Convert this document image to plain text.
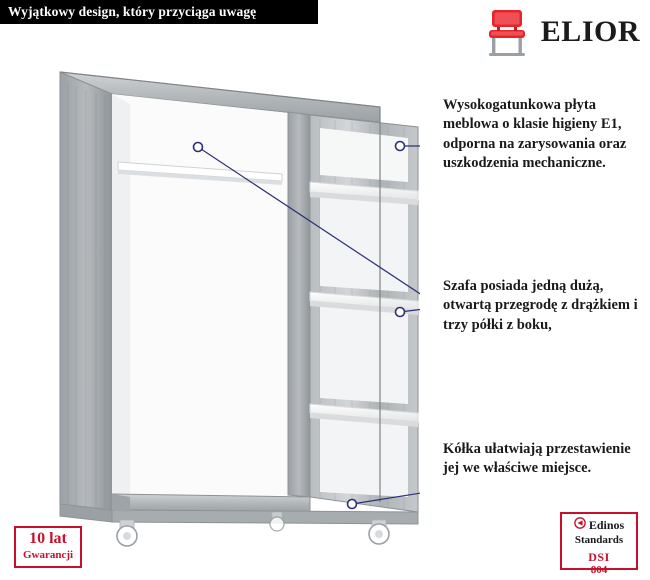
Wyjątkowy design, który przyciąga uwagę
ELIOR
Wysokogatunkowa płyta meblowa o klasie higieny E1, odporna na zarysowania oraz uszkodzenia mechaniczne.
Szafa posiada jedną dużą, otwartą przegrodę z drążkiem i trzy półki z boku,
Kółka ułatwiają przestawienie jej we właściwe miejsce.
10 lat
Gwarancji
Edinos
Standards
DSI
804
